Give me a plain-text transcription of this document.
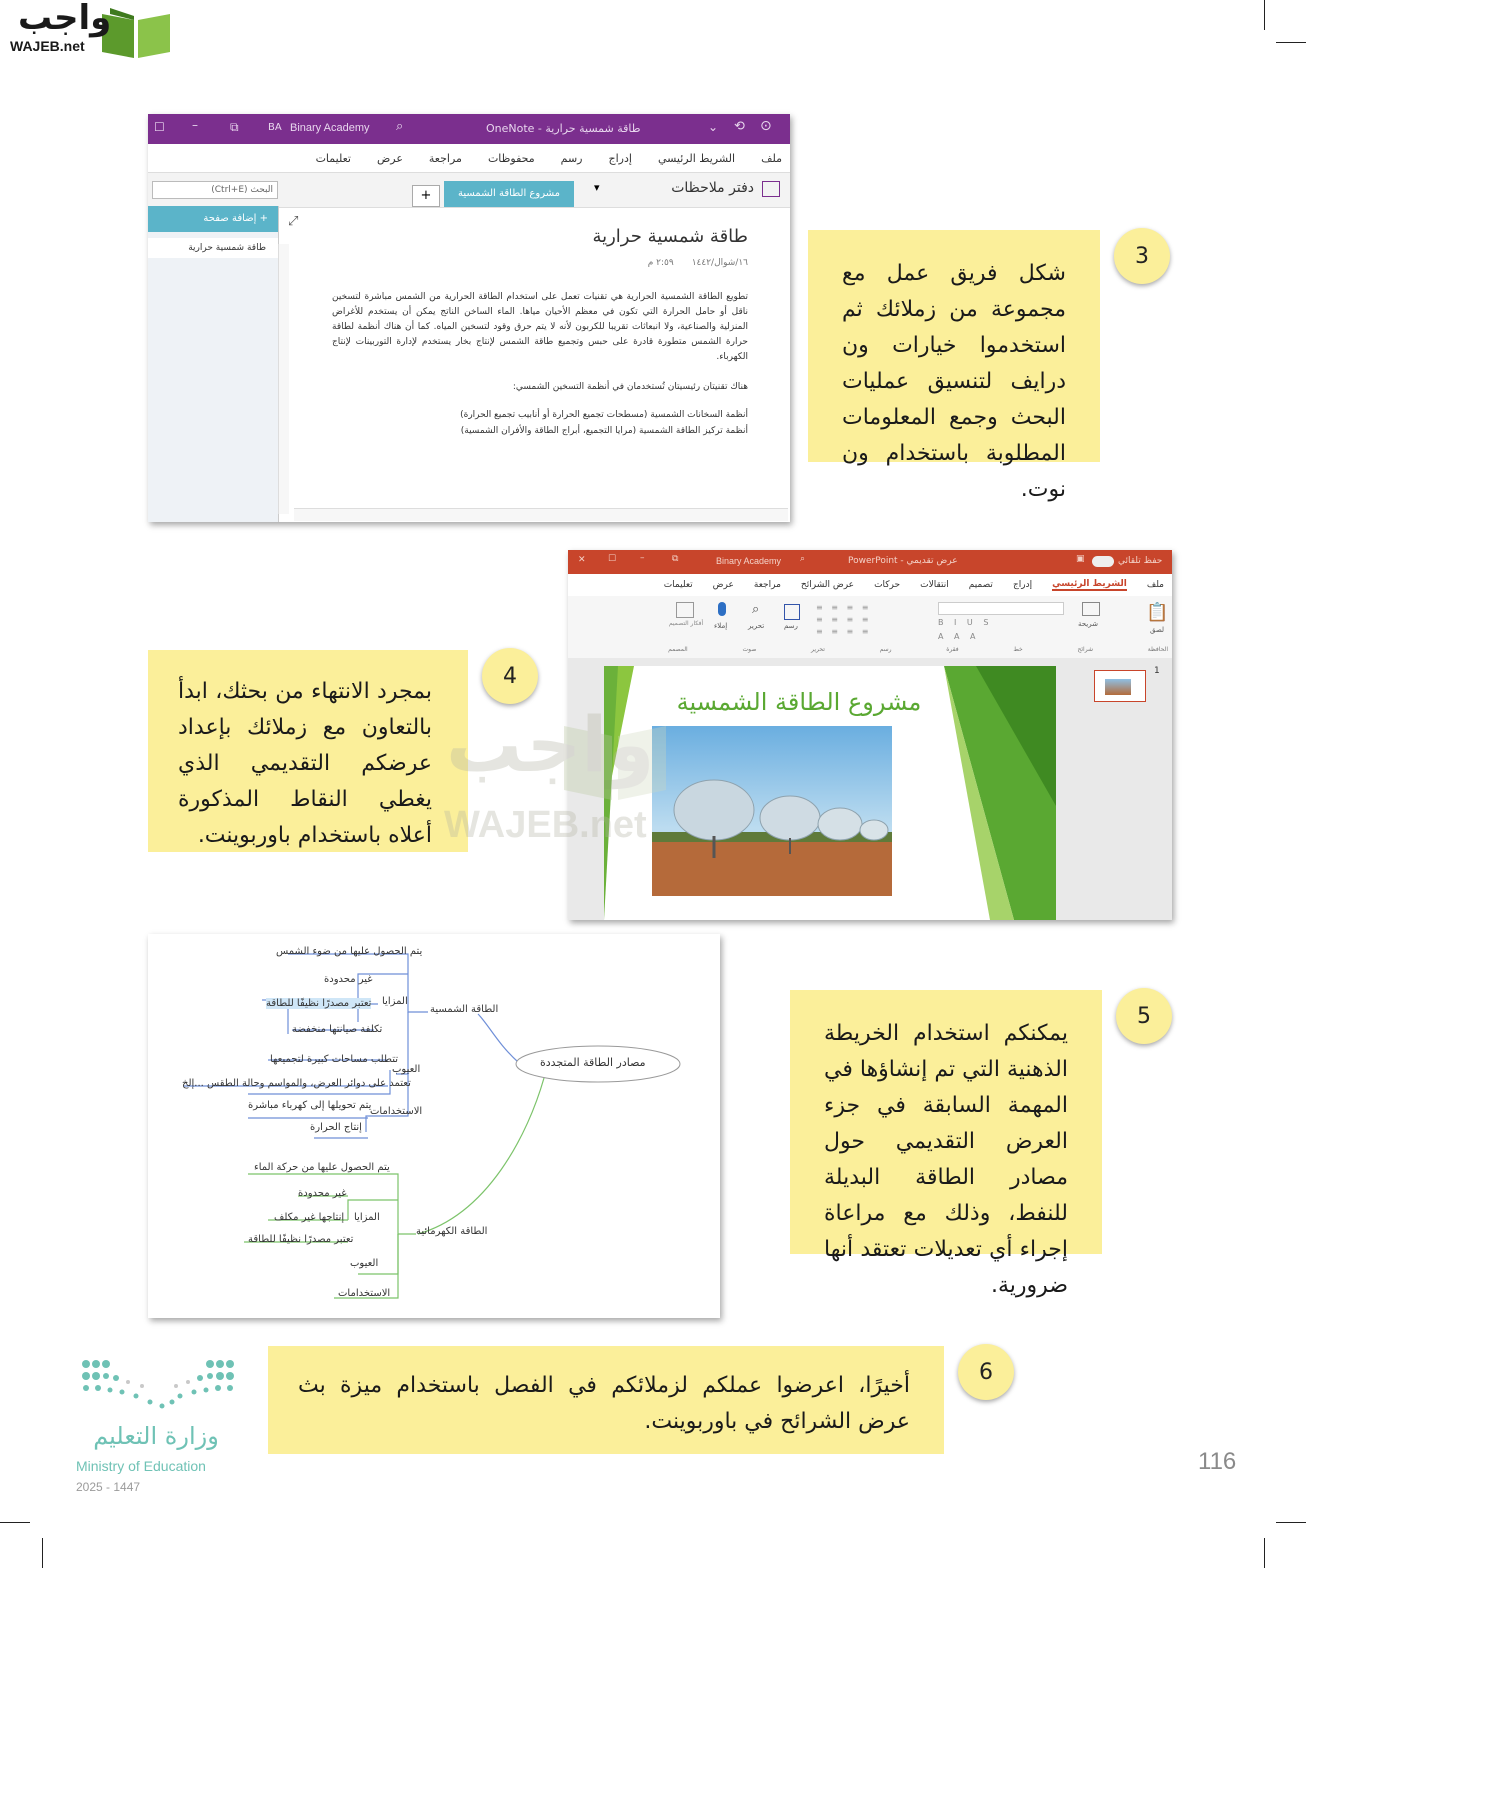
واجب
WAJEB.net
☐ –	⧉	BA Binary Academy ⌕	OneNote - طاقة شمسية حرارية	⌄ ⟲ ⊙
ملف
الشريط الرئيسي
إدراج
رسم
محفوظات
مراجعة
عرض
تعليمات
دفتر ملاحظات
▾
مشروع الطاقة الشمسية
+
البحث (Ctrl+E)
+ إضافة صفحة
طاقة شمسية حرارية
⤢
طاقة شمسية حرارية
١٦/شوال/١٤٤٢
٢:٥٩ م
تطويع الطاقة الشمسية الحرارية هي تقنيات تعمل على استخدام الطاقة الحرارية من الشمس مباشرة لتسخين ناقل أو حامل الحرارة التي تكون في معظم الأحيان مياها. الماء الساخن الناتج يمكن أن يستخدم للأغراض المنزلية والصناعية، ولا انبعاثات تقريبا للكربون لأنه لا يتم حرق وقود لتسخين المياه. كما أن هناك أنظمة لطاقة حرارة الشمس متطورة قادرة على حبس وتجميع طاقة الشمس لإنتاج بخار يستخدم لإدارة التوربينات لإنتاج الكهرباء.
هناك تقنيتان رئيسيتان تُستخدمان في أنظمة التسخين الشمسي:
أنظمة السخانات الشمسية (مسطحات تجميع الحرارة أو أنابيب تجميع الحرارة)
أنظمة تركيز الطاقة الشمسية (مرايا التجميع، أبراج الطاقة والأفران الشمسية)
3
شكل فريق عمل مع مجموعة من زملائك ثم استخدموا خيارات ون درايف لتنسيق عمليات البحث وجمع المعلومات المطلوبة باستخدام ون نوت.
✕ ☐	–	⧉	Binary Academy ⌕	PowerPoint - عرض تقديمي	▣	حفظ تلقائي
ملف
الشريط الرئيسي
إدراج
تصميم
انتقالات
حركات
عرض الشرائح
مراجعة
عرض
تعليمات
📋
لصق
شريحة
B I U S
A A A
≡ ≡ ≡ ≡
≡ ≡ ≡ ≡
≡ ≡ ≡ ≡
رسم
⌕
تحرير
إملاء
أفكار التصميم
الحافظة
شرائح
خط
فقرة
رسم
تحرير
صوت
المصمم
1
مشروع الطاقة الشمسية
4
بمجرد الانتهاء من بحثك، ابدأ بالتعاون مع زملائك بإعداد عرضكم التقديمي الذي يغطي النقاط المذكورة أعلاه باستخدام باوربوينت.
واجب
WAJEB.net
مصادر الطاقة المتجددة
الطاقة الشمسية
يتم الحصول عليها من ضوء الشمس
المزايا
غير محدودة
تعتبر مصدرًا نظيفًا للطاقة
تكلفة صيانتها منخفضة
العيوب
تتطلب مساحات كبيرة لتجميعها
تعتمد على دوائر العرض، والمواسم وحالة الطقس ...إلخ
الاستخدامات
يتم تحويلها إلى كهرباء مباشرة
إنتاج الحرارة
الطاقة الكهرمائية
يتم الحصول عليها من حركة الماء
المزايا
غير محدودة
إنتاجها غير مكلف
تعتبر مصدرًا نظيفًا للطاقة
العيوب
الاستخدامات
5
يمكنكم استخدام الخريطة الذهنية التي تم إنشاؤها في المهمة السابقة في جزء العرض التقديمي حول مصادر الطاقة البديلة للنفط، وذلك مع مراعاة إجراء أي تعديلات تعتقد أنها ضرورية.
6
أخيرًا، اعرضوا عملكم لزملائكم في الفصل باستخدام ميزة بث عرض الشرائح في باوربوينت.
وزارة التعليم
Ministry of Education
2025 - 1447
116
